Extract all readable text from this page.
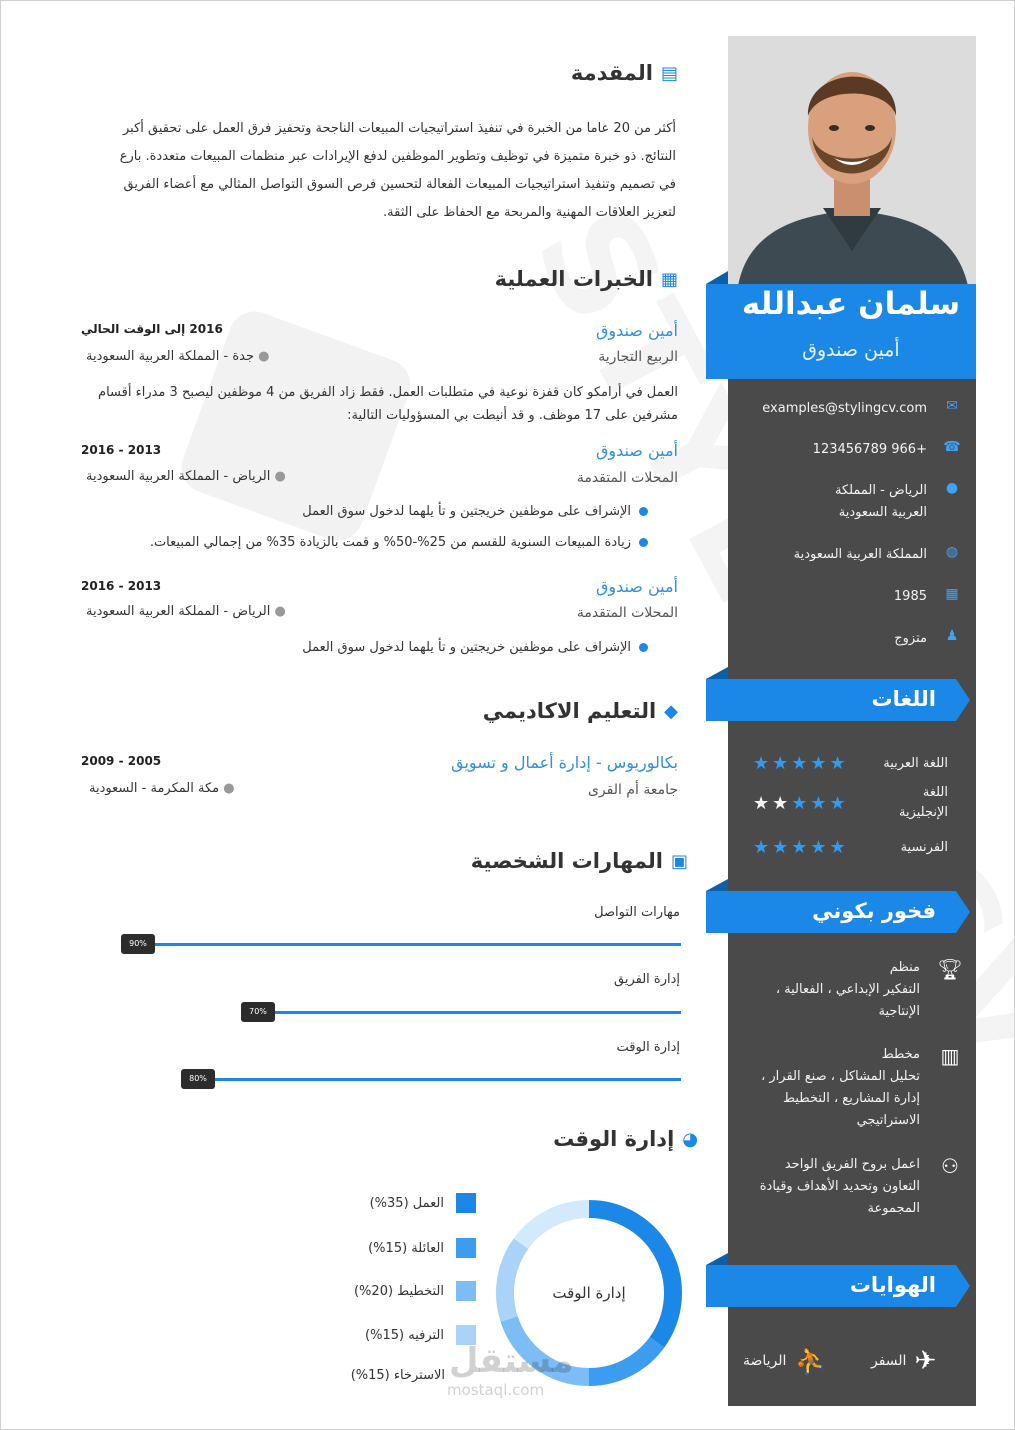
سلمان عبدالله
أمين صندوق
✉
examples@stylingcv.com
☎
+966 123456789
●
الرياض - المملكة العربية السعودية
◍
المملكة العربية السعودية
▦
1985
♟
متزوج
اللغات
اللغة العربية
★★★★★
اللغة الإنجليزية
★★★★★
الفرنسية
★★★★★
فخور بكوني
🏆︎
منظم
التفكير الإبداعي ، الفعالية ، الإنتاجية
▥
مخطط
تحليل المشاكل ، صنع القرار ، إدارة المشاريع ، التخطيط الاستراتيجي
⚇
اعمل بروح الفريق الواحد
التعاون وتحديد الأهداف وقيادة المجموعة
الهوايات
✈
السفر
⛹
الرياضة
▤
المقدمة
أكثر من 20 عاما من الخبرة في تنفيذ استراتيجيات المبيعات الناجحة وتحفيز فرق العمل على تحقيق أكبر النتائج. ذو خبرة متميزة في توظيف وتطوير الموظفين لدفع الإيرادات عبر منظمات المبيعات متعددة. بارع في تصميم وتنفيذ استراتيجيات المبيعات الفعالة لتحسين فرص السوق التواصل المثالي مع أعضاء الفريق لتعزيز العلاقات المهنية والمربحة مع الحفاظ على الثقة.
▦
الخبرات العملية
أمين صندوق
2016 إلى الوقت الحالي
الربيع التجارية
● جدة - المملكة العربية السعودية
العمل في أرامكو كان قفزة نوعية في متطلبات العمل. فقط زاد الفريق من 4 موظفين ليصبح 3 مدراء أقسام مشرفين على 17 موظف. و قد أنيطت بي المسؤوليات التالية:
أمين صندوق
2013 - 2016
المحلات المتقدمة
● الرياض - المملكة العربية السعودية
الإشراف على موظفين خريجتين و تأ يلهما لدخول سوق العمل
زيادة المبيعات السنوية للقسم من 25%-50% و قمت بالزيادة 35% من إجمالي المبيعات.
أمين صندوق
2013 - 2016
المحلات المتقدمة
● الرياض - المملكة العربية السعودية
الإشراف على موظفين خريجتين و تأ يلهما لدخول سوق العمل
◆
التعليم الاكاديمي
بكالوريوس - إدارة أعمال و تسويق
2005 - 2009
جامعة أم القرى
● مكة المكرمة - السعودية
▣
المهارات الشخصية
مهارات التواصل
90%
إدارة الفريق
70%
إدارة الوقت
80%
◕
إدارة الوقت
العمل (35%)
العائلة (15%)
التخطيط (20%)
الترفيه (15%)
الاسترخاء (15%)
إدارة الوقت
مستقل
mostaql.com
